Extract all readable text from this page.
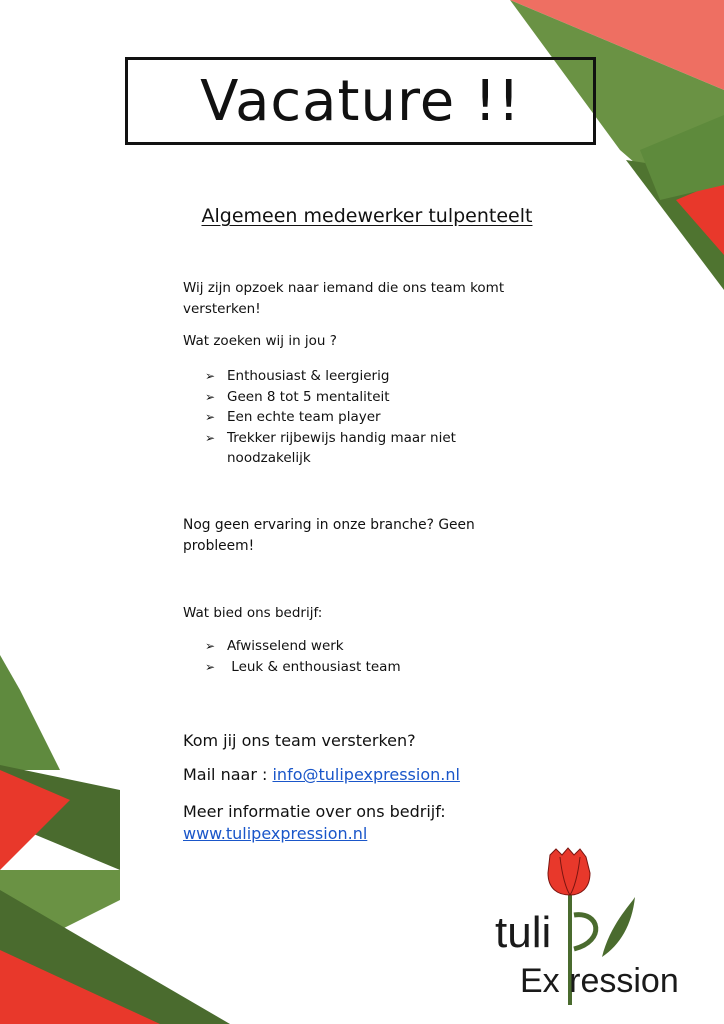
Vacature !!
Algemeen medewerker tulpenteelt
Wij zijn opzoek naar iemand die ons team komt versterken!
Wat zoeken wij in jou ?
➢ Enthousiast & leergierig
➢ Geen 8 tot 5 mentaliteit
➢ Een echte team player
➢ Trekker rijbewijs handig maar niet noodzakelijk
Nog geen ervaring in onze branche? Geen probleem!
Wat bied ons bedrijf:
➢ Afwisselend werk
➢ Leuk & enthousiast team
Kom jij ons team versterken?
Mail naar : info@tulipexpression.nl
Meer informatie over ons bedrijf:
www.tulipexpression.nl
tuli
Ex ression
